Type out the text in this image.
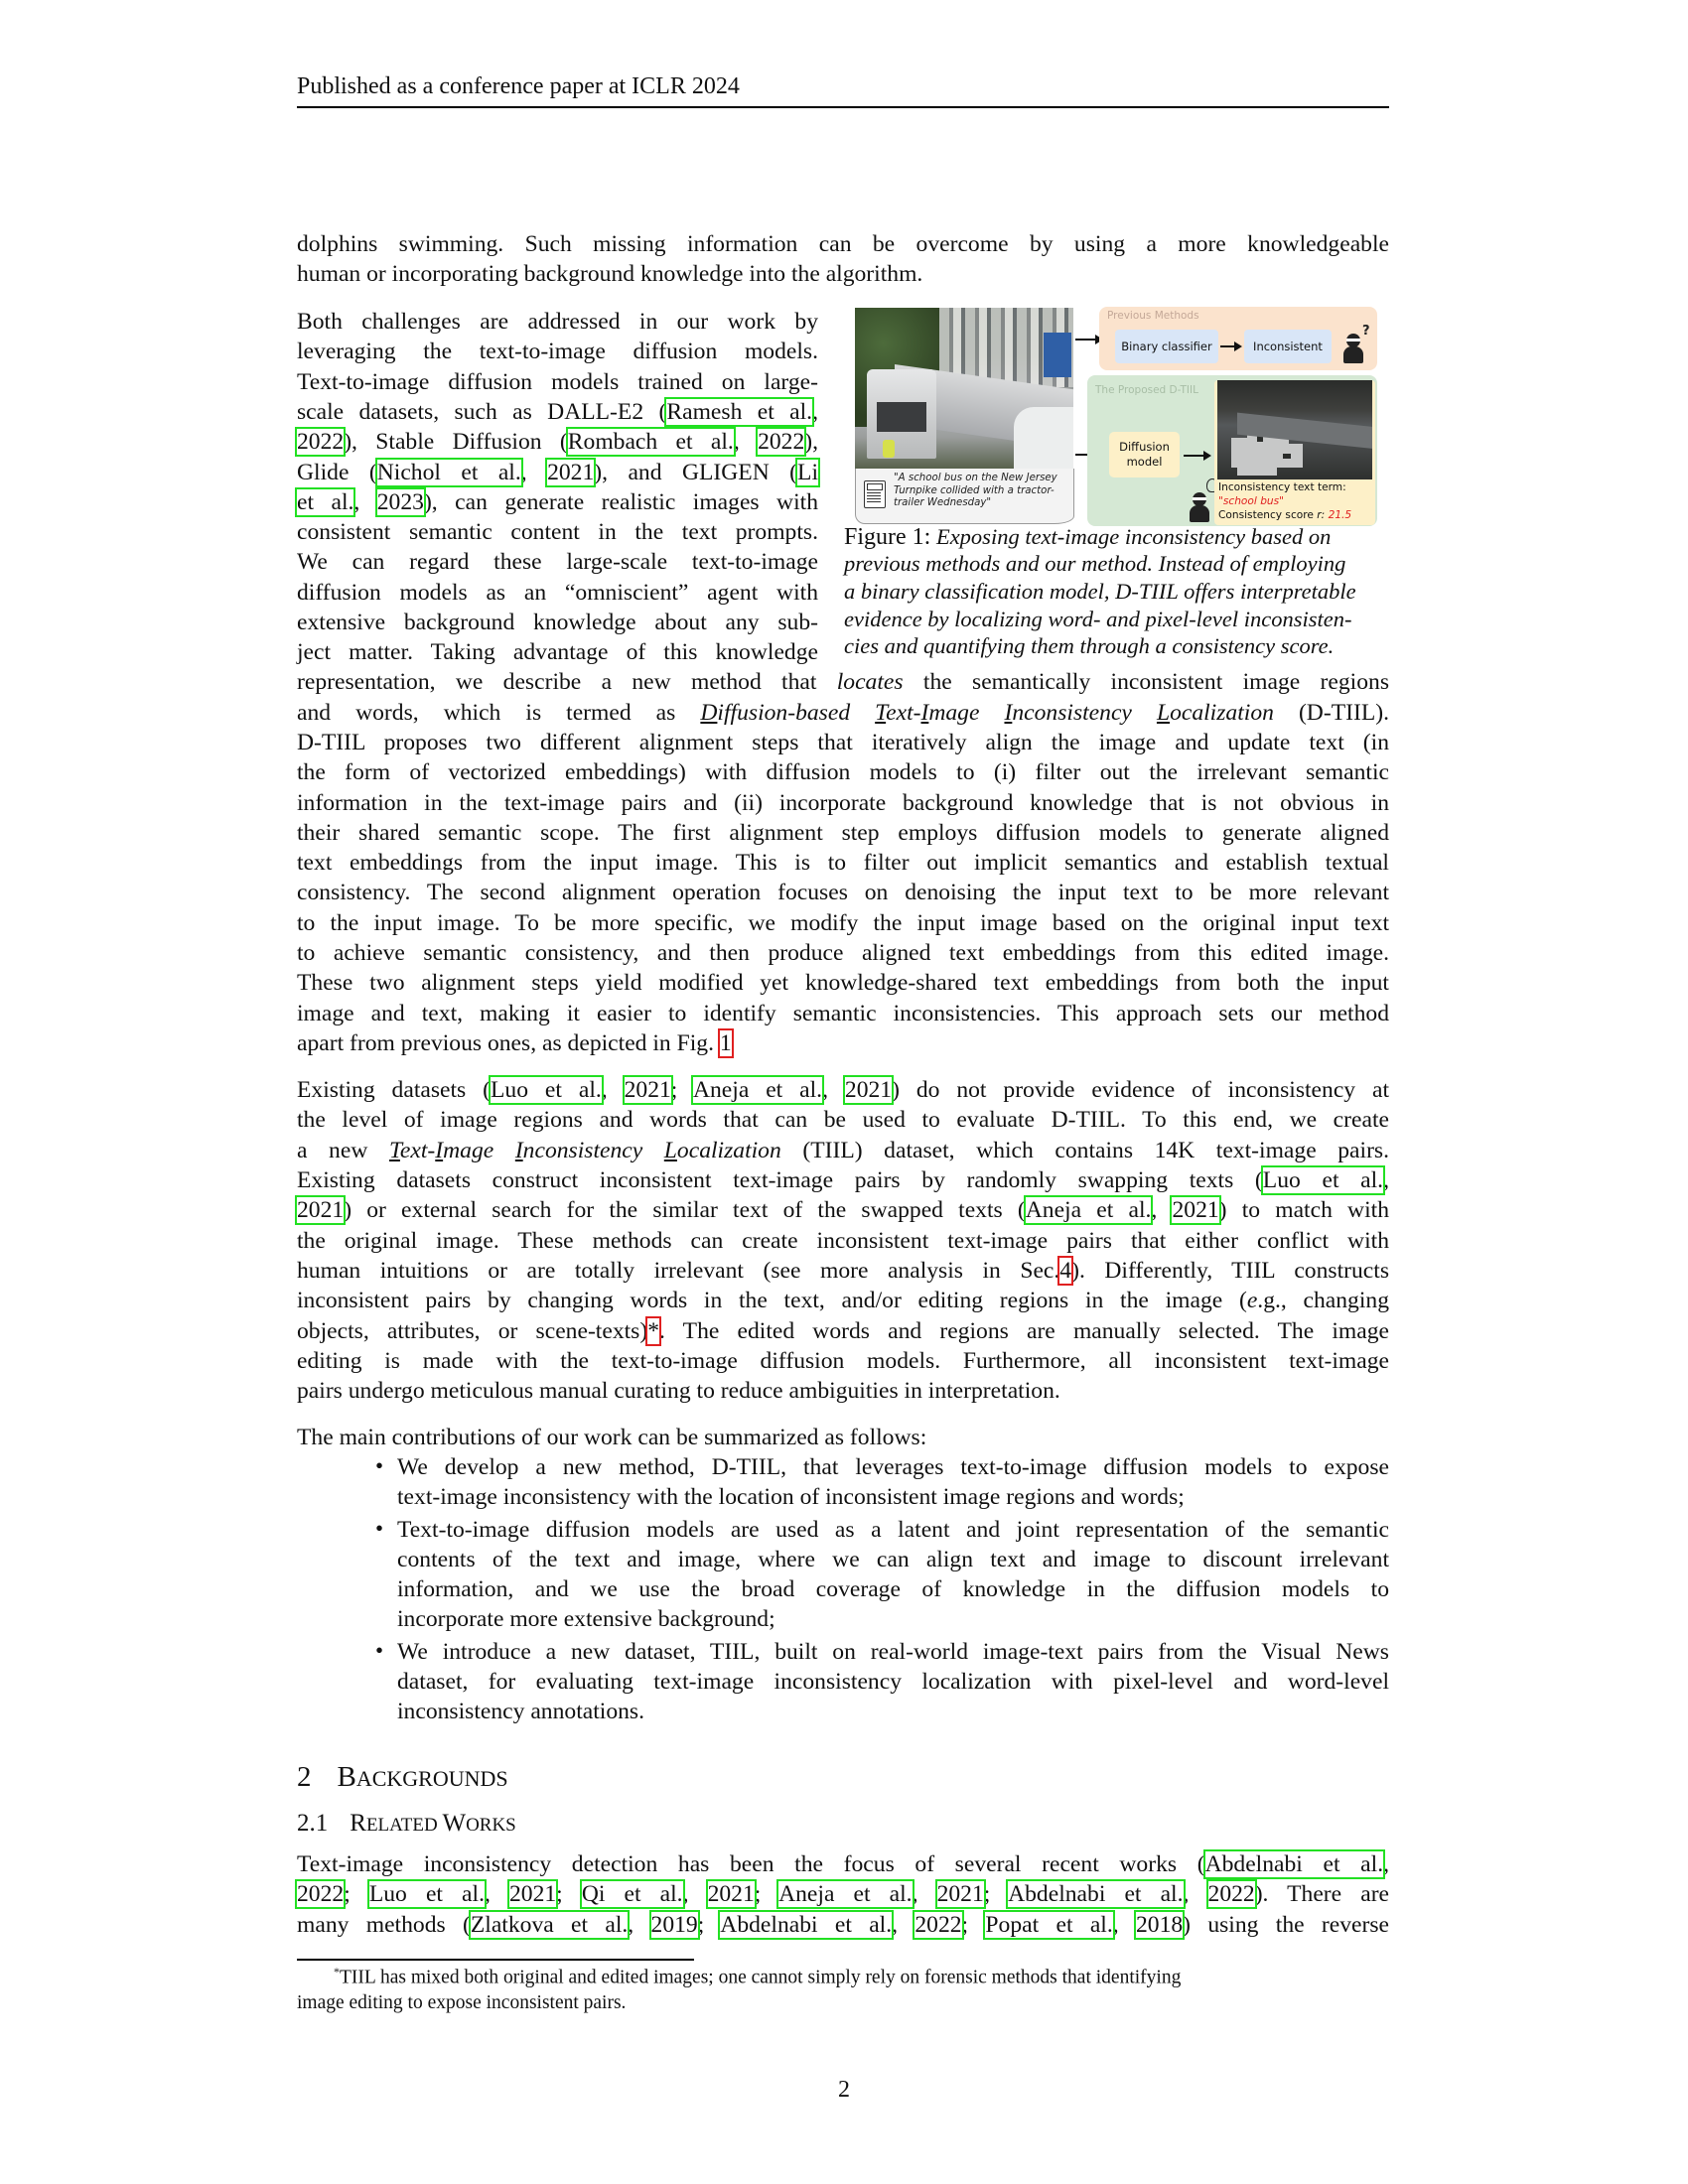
Published as a conference paper at ICLR 2024
dolphins swimming. Such missing information can be overcome by using a more knowledgeable
human or incorporating background knowledge into the algorithm.
Both challenges are addressed in our work by
leveraging the text-to-image diffusion models.
Text-to-image diffusion models trained on large-
scale datasets, such as DALL-E2 (Ramesh et al.,
2022), Stable Diffusion (Rombach et al., 2022),
Glide (Nichol et al., 2021), and GLIGEN (Li
et al., 2023), can generate realistic images with
consistent semantic content in the text prompts.
We can regard these large-scale text-to-image
diffusion models as an “omniscient” agent with
extensive background knowledge about any sub-
ject matter. Taking advantage of this knowledge
representation, we describe a new method that locates the semantically inconsistent image regions
and words, which is termed as Diffusion-based Text-Image Inconsistency Localization (D-TIIL).
D-TIIL proposes two different alignment steps that iteratively align the image and update text (in
the form of vectorized embeddings) with diffusion models to (i) filter out the irrelevant semantic
information in the text-image pairs and (ii) incorporate background knowledge that is not obvious in
their shared semantic scope. The first alignment step employs diffusion models to generate aligned
text embeddings from the input image. This is to filter out implicit semantics and establish textual
consistency. The second alignment operation focuses on denoising the input text to be more relevant
to the input image. To be more specific, we modify the input image based on the original input text
to achieve semantic consistency, and then produce aligned text embeddings from this edited image.
These two alignment steps yield modified yet knowledge-shared text embeddings from both the input
image and text, making it easier to identify semantic inconsistencies. This approach sets our method
apart from previous ones, as depicted in Fig. 1
"A school bus on the New Jersey Turnpike collided with a tractor-trailer Wednesday"
Previous Methods
Binary classifier	Inconsistent
?
The Proposed D-TIIL
Diffusion model
Inconsistency text term:
"school bus"
Consistency score r: 21.5
Figure 1: Exposing text-image inconsistency based on
previous methods and our method. Instead of employing
a binary classification model, D-TIIL offers interpretable
evidence by localizing word- and pixel-level inconsisten-
cies and quantifying them through a consistency score.
Existing datasets (Luo et al., 2021; Aneja et al., 2021) do not provide evidence of inconsistency at
the level of image regions and words that can be used to evaluate D-TIIL. To this end, we create
a new Text-Image Inconsistency Localization (TIIL) dataset, which contains 14K text-image pairs.
Existing datasets construct inconsistent text-image pairs by randomly swapping texts (Luo et al.,
2021) or external search for the similar text of the swapped texts (Aneja et al., 2021) to match with
the original image. These methods can create inconsistent text-image pairs that either conflict with
human intuitions or are totally irrelevant (see more analysis in Sec.4). Differently, TIIL constructs
inconsistent pairs by changing words in the text, and/or editing regions in the image (e.g., changing
objects, attributes, or scene-texts)*. The edited words and regions are manually selected. The image
editing is made with the text-to-image diffusion models. Furthermore, all inconsistent text-image
pairs undergo meticulous manual curating to reduce ambiguities in interpretation.
The main contributions of our work can be summarized as follows:
• We develop a new method, D-TIIL, that leverages text-to-image diffusion models to expose
text-image inconsistency with the location of inconsistent image regions and words;
• Text-to-image diffusion models are used as a latent and joint representation of the semantic
contents of the text and image, where we can align text and image to discount irrelevant
information, and we use the broad coverage of knowledge in the diffusion models to
incorporate more extensive background;
• We introduce a new dataset, TIIL, built on real-world image-text pairs from the Visual News
dataset, for evaluating text-image inconsistency localization with pixel-level and word-level
inconsistency annotations.
2 BACKGROUNDS
2.1 RELATED WORKS
Text-image inconsistency detection has been the focus of several recent works (Abdelnabi et al.,
2022; Luo et al., 2021; Qi et al., 2021; Aneja et al., 2021; Abdelnabi et al., 2022). There are
many methods (Zlatkova et al., 2019; Abdelnabi et al., 2022; Popat et al., 2018) using the reverse
*TIIL has mixed both original and edited images; one cannot simply rely on forensic methods that identifying
image editing to expose inconsistent pairs.
2
